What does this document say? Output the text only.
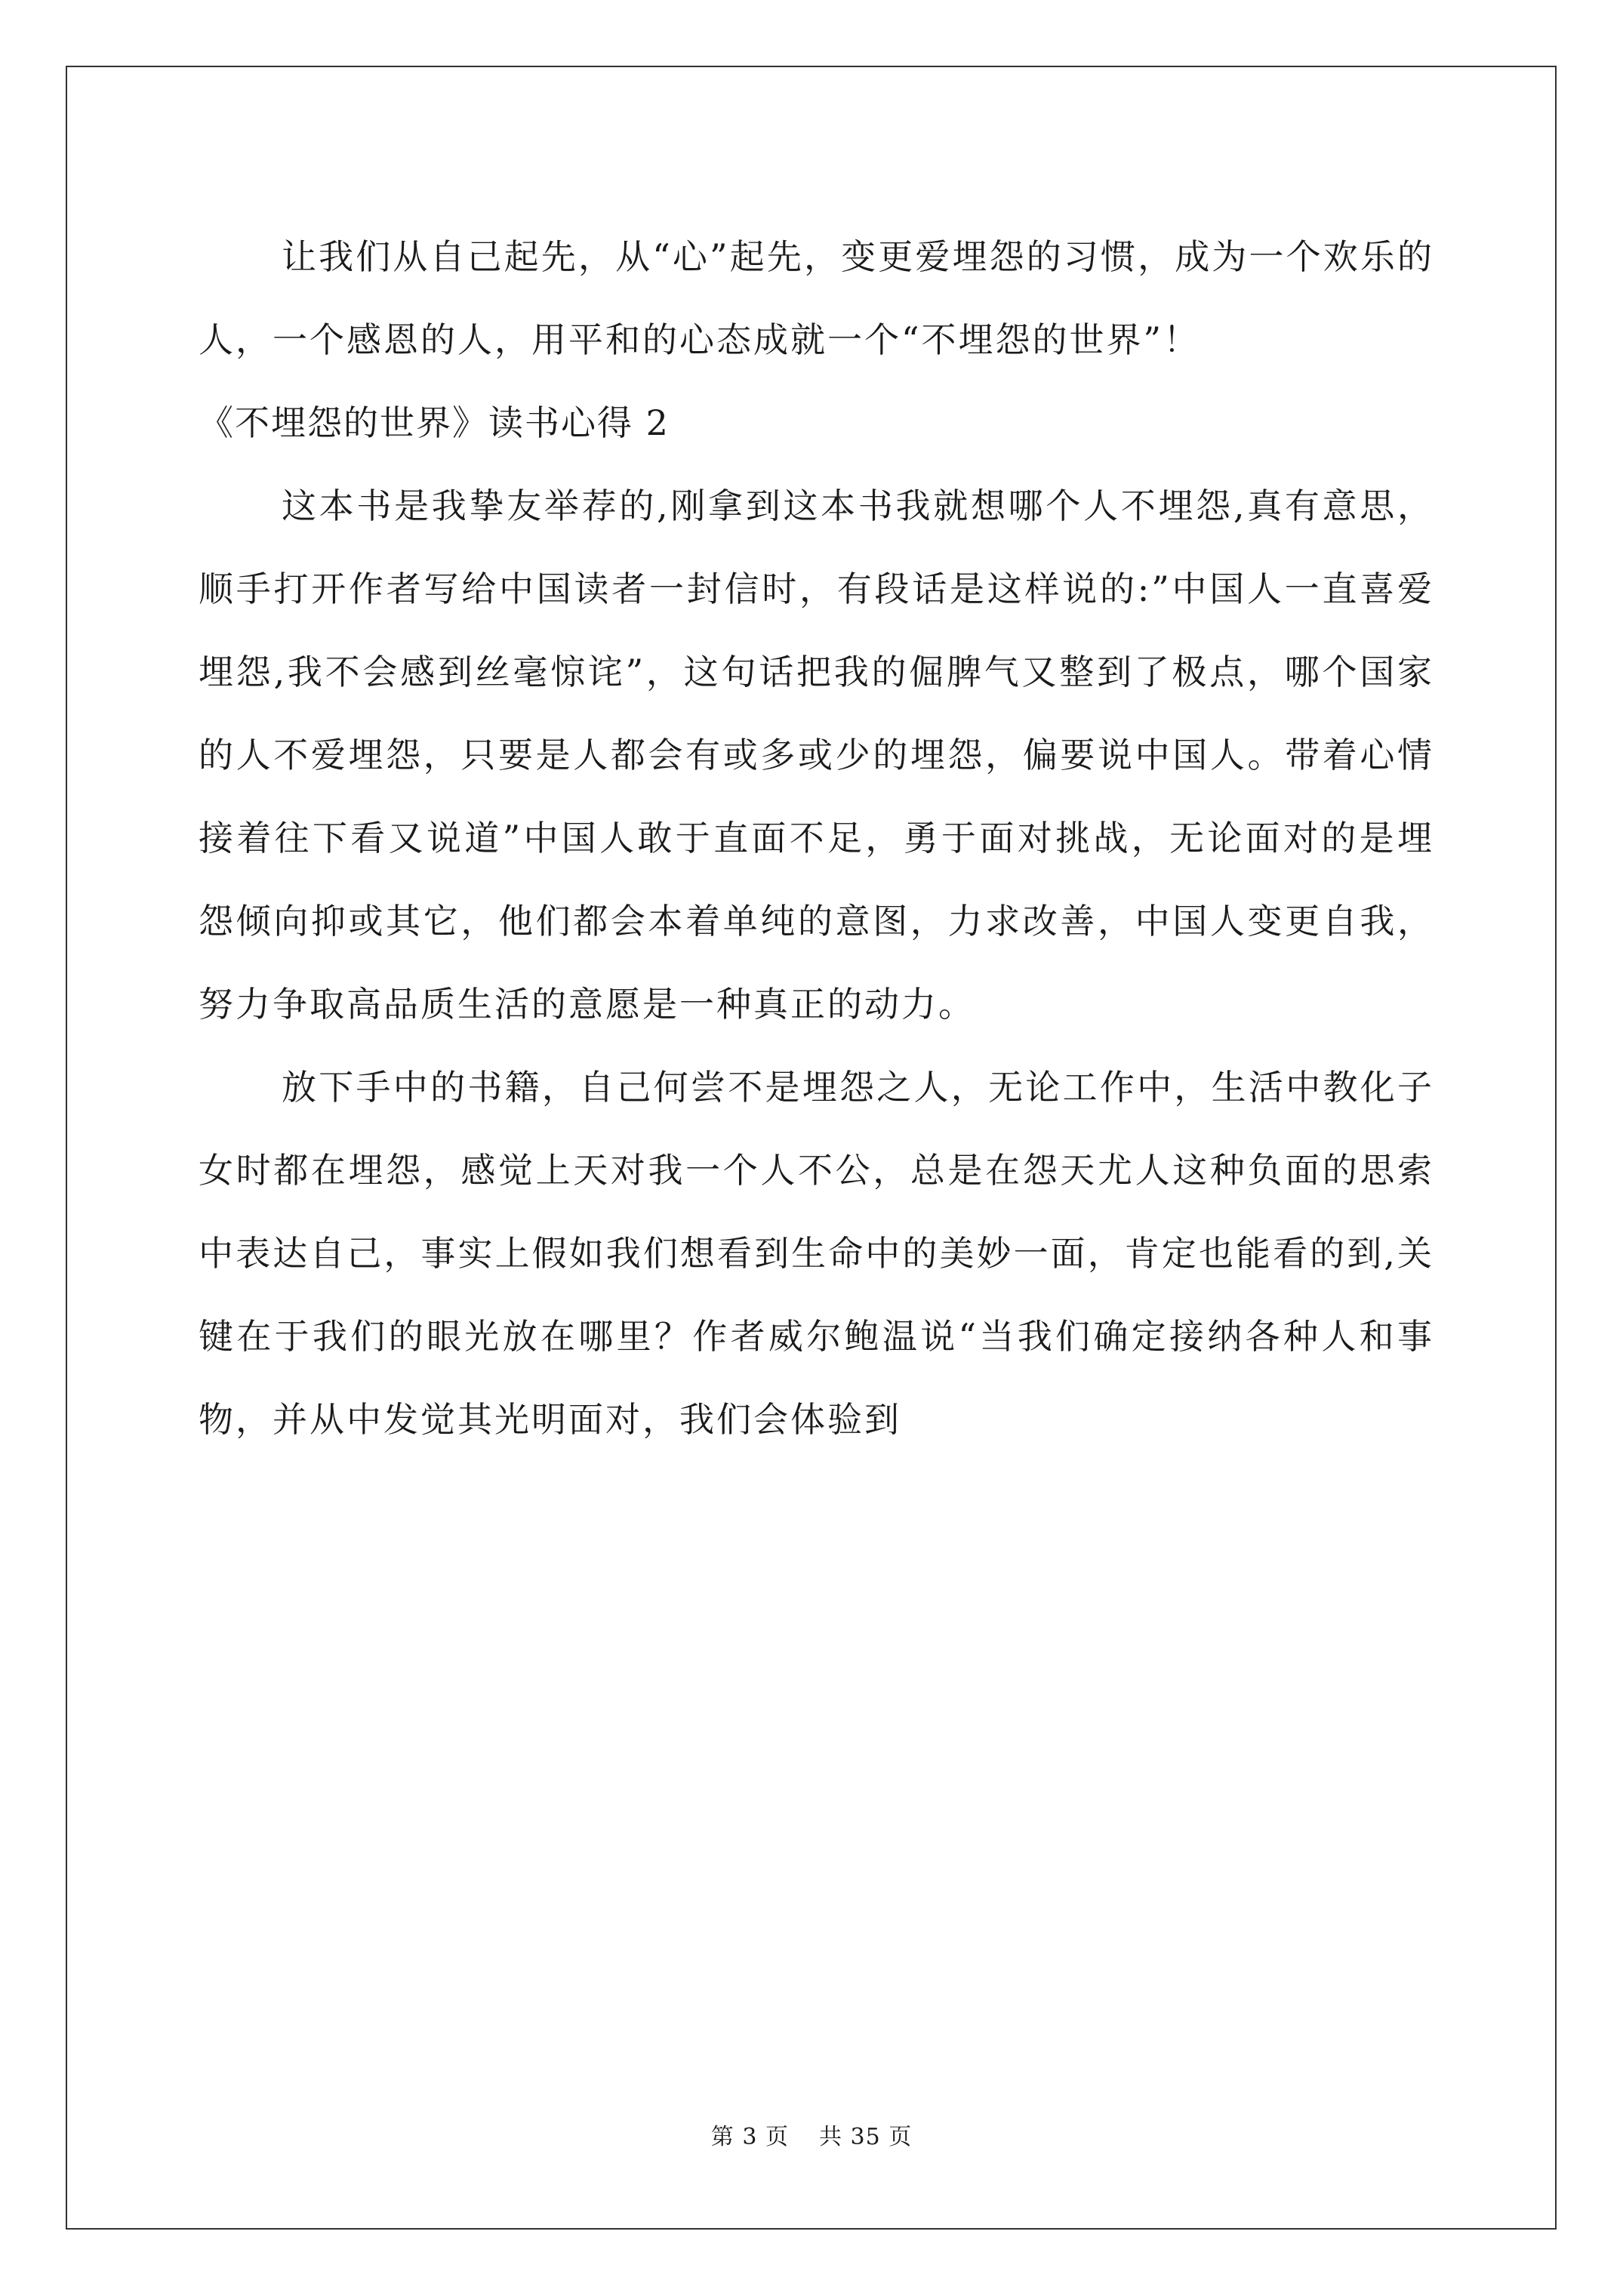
让我们从自己起先，从“心”起先，变更爱埋怨的习惯，成为一个欢乐的人，一个感恩的人，用平和的心态成就一个“不埋怨的世界”！

《不埋怨的世界》读书心得 2

这本书是我挚友举荐的,刚拿到这本书我就想哪个人不埋怨,真有意思，顺手打开作者写给中国读者一封信时，有段话是这样说的:”中国人一直喜爱埋怨,我不会感到丝毫惊诧”，这句话把我的倔脾气又整到了极点，哪个国家的人不爱埋怨，只要是人都会有或多或少的埋怨，偏要说中国人。带着心情接着往下看又说道”中国人敢于直面不足，勇于面对挑战，无论面对的是埋怨倾向抑或其它，他们都会本着单纯的意图，力求改善，中国人变更自我，努力争取高品质生活的意愿是一种真正的动力。

放下手中的书籍，自己何尝不是埋怨之人，无论工作中，生活中教化子女时都在埋怨，感觉上天对我一个人不公，总是在怨天尤人这种负面的思索中表达自己，事实上假如我们想看到生命中的美妙一面，肯定也能看的到,关键在于我们的眼光放在哪里？作者威尔鲍温说“当我们确定接纳各种人和事物，并从中发觉其光明面对，我们会体验到

第 3 页 共 35 页
